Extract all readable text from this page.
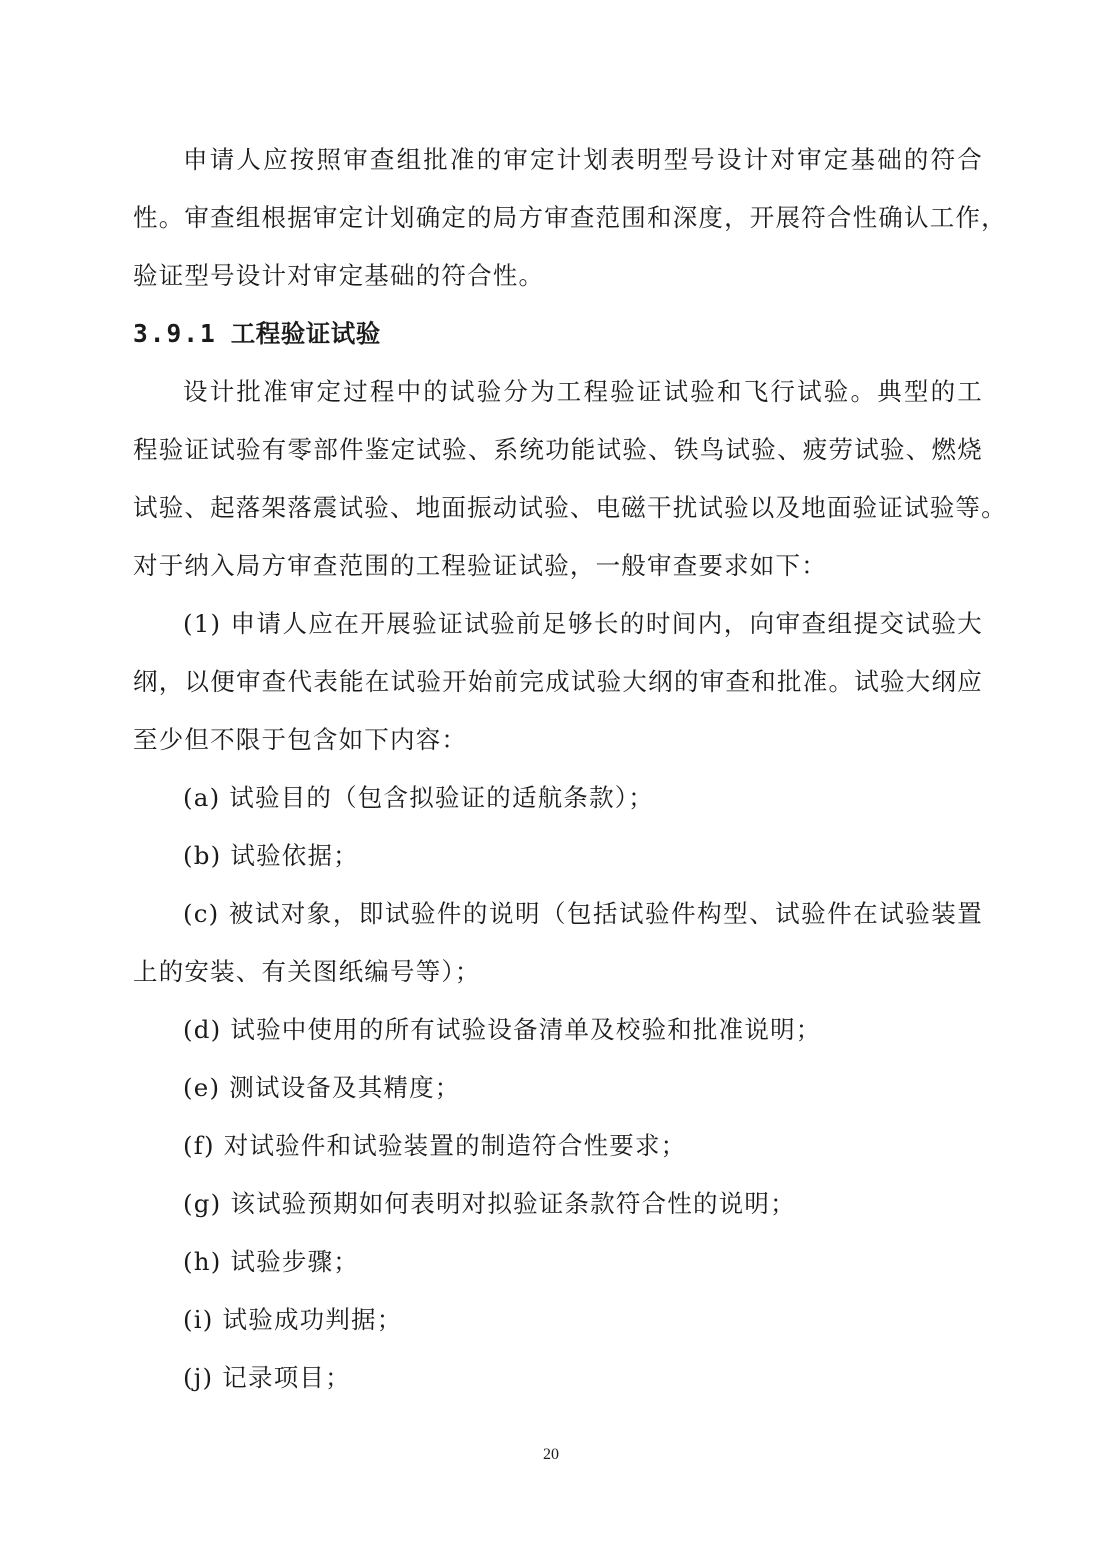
申请人应按照审查组批准的审定计划表明型号设计对审定基础的符合
性。审查组根据审定计划确定的局方审查范围和深度，开展符合性确认工作，
验证型号设计对审定基础的符合性。
3.9.1 工程验证试验
设计批准审定过程中的试验分为工程验证试验和飞行试验。典型的工
程验证试验有零部件鉴定试验、系统功能试验、铁鸟试验、疲劳试验、燃烧
试验、起落架落震试验、地面振动试验、电磁干扰试验以及地面验证试验等。
对于纳入局方审查范围的工程验证试验，一般审查要求如下：
(1) 申请人应在开展验证试验前足够长的时间内，向审查组提交试验大
纲，以便审查代表能在试验开始前完成试验大纲的审查和批准。试验大纲应
至少但不限于包含如下内容：
(a) 试验目的（包含拟验证的适航条款）；
(b) 试验依据；
(c) 被试对象，即试验件的说明（包括试验件构型、试验件在试验装置
上的安装、有关图纸编号等）；
(d) 试验中使用的所有试验设备清单及校验和批准说明；
(e) 测试设备及其精度；
(f) 对试验件和试验装置的制造符合性要求；
(g) 该试验预期如何表明对拟验证条款符合性的说明；
(h) 试验步骤；
(i) 试验成功判据；
(j) 记录项目；
20
